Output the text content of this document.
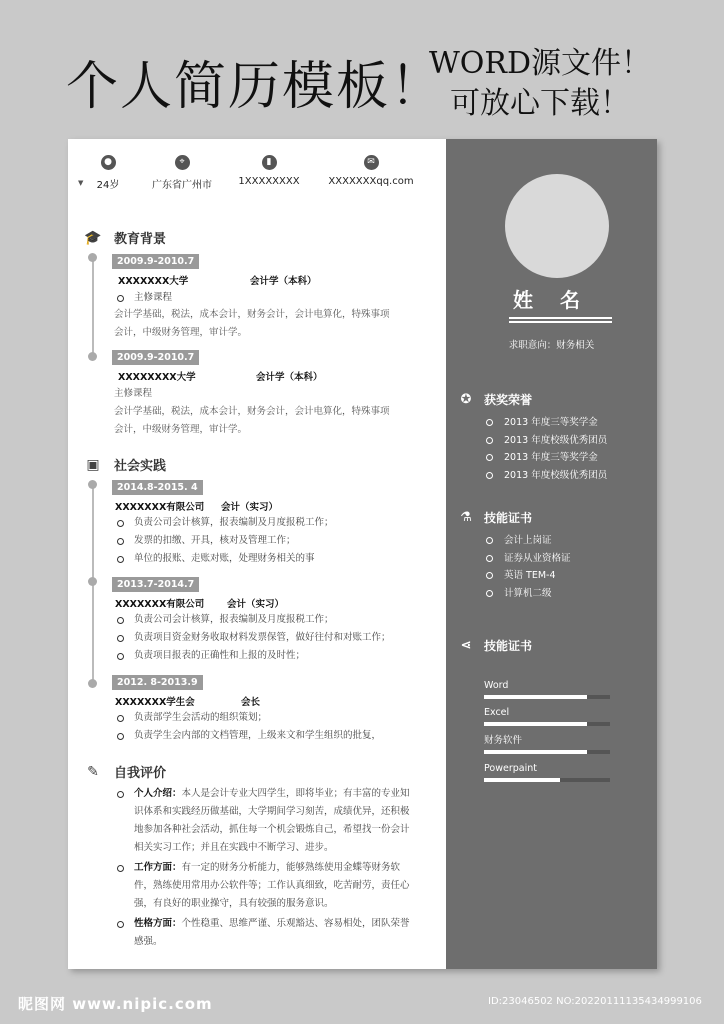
个人简历模板！
WORD源文件！
可放心下载！
▼
●
24岁
⌖
广东省广州市
▮
1XXXXXXXX
✉
XXXXXXXqq.com
🎓 教育背景
2009.9-2010.7
XXXXXXX大学	会计学（本科）
主修课程
会计学基础，税法，成本会计，财务会计，会计电算化，特殊事项
会计，中级财务管理，审计学。
2009.9-2010.7
XXXXXXXX大学	会计学（本科）
主修课程
会计学基础，税法，成本会计，财务会计，会计电算化，特殊事项
会计，中级财务管理，审计学。
▣ 社会实践
2014.8-2015. 4
XXXXXXX有限公司 会计（实习）
负责公司会计核算，报表编制及月度报税工作；
发票的扣缴、开具，核对及管理工作；
单位的报账、走账对账，处理财务相关的事
2013.7-2014.7
XXXXXXX有限公司 会计（实习）
负责公司会计核算，报表编制及月度报税工作；
负责项目资金财务收取材料发票保管，做好往付和对账工作；
负责项目报表的正确性和上报的及时性；
2012. 8-2013.9
XXXXXXX学生会	会长
负责部学生会活动的组织策划；
负责学生会内部的文档管理，上级来文和学生组织的批复，
✎ 自我评价
个人介绍：本人是会计专业大四学生，即将毕业；有丰富的专业知识体系和实践经历做基础，大学期间学习刻苦，成绩优异，还积极地参加各种社会活动，抓住每一个机会锻炼自己，希望找一份会计相关实习工作；并且在实践中不断学习、进步。
工作方面：有一定的财务分析能力，能够熟练使用金蝶等财务软件，熟练使用常用办公软件等；工作认真细致，吃苦耐劳，责任心强，有良好的职业操守，具有较强的服务意识。
性格方面：个性稳重、思维严谨、乐观豁达、容易相处，团队荣誉感强。
姓 名
求职意向：财务相关
✪ 获奖荣誉
2013 年度三等奖学金
2013 年度校级优秀团员
2013 年度三等奖学金
2013 年度校级优秀团员
⚗ 技能证书
会计上岗证
证券从业资格证
英语 TEM-4
计算机二级
⋖ 技能证书
Word
Excel
财务软件
Powerpaint
昵图网 www.nipic.com	ID:23046502 NO:20220111135434999106
